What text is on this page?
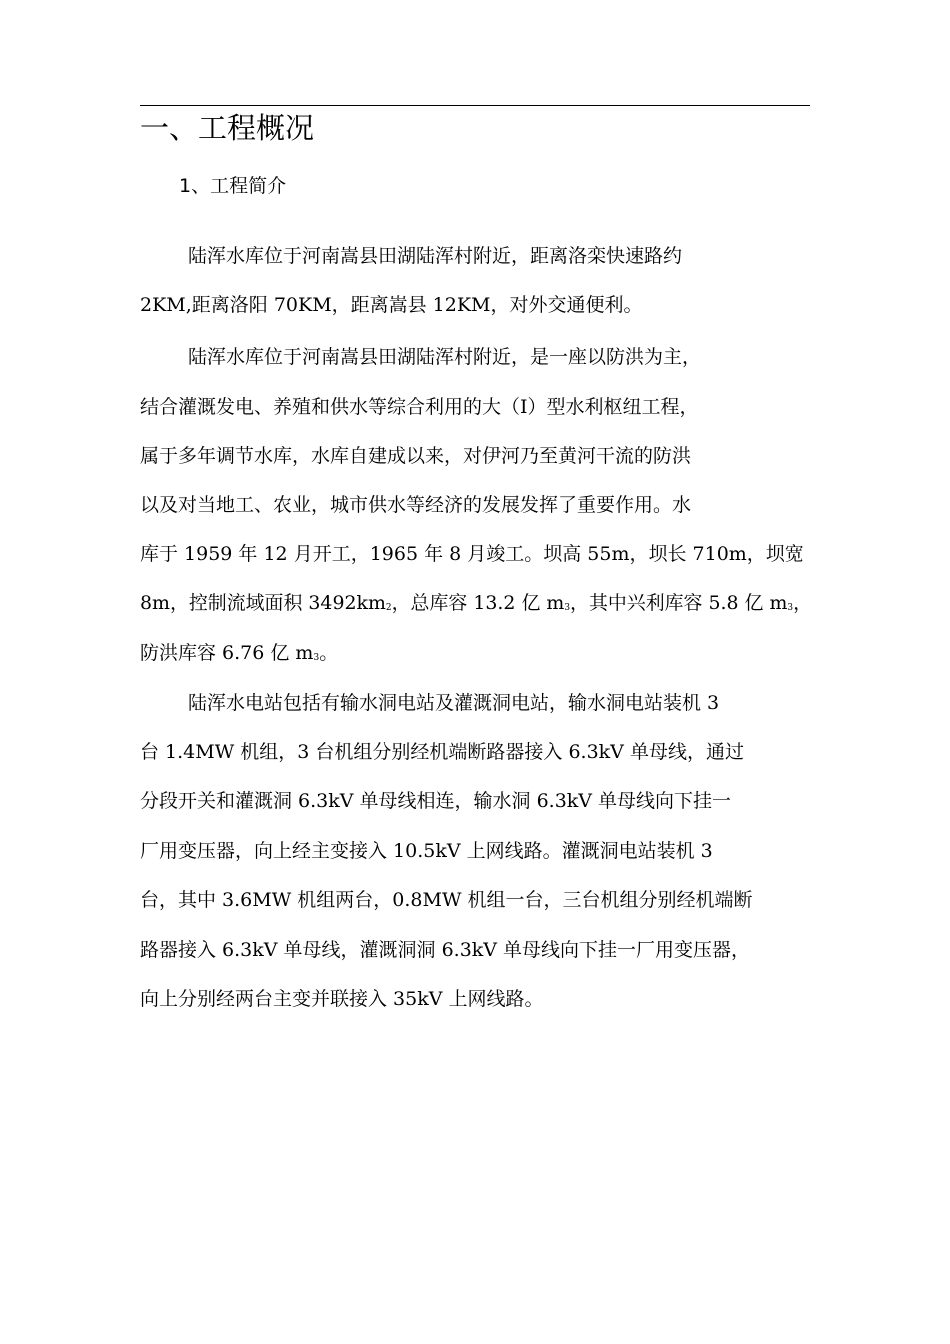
一、工程概况
1、工程简介
陆浑水库位于河南嵩县田湖陆浑村附近，距离洛栾快速路约
2KM,距离洛阳 70KM，距离嵩县 12KM，对外交通便利。
陆浑水库位于河南嵩县田湖陆浑村附近，是一座以防洪为主，
结合灌溉发电、养殖和供水等综合利用的大（I）型水利枢纽工程，
属于多年调节水库，水库自建成以来，对伊河乃至黄河干流的防洪
以及对当地工、农业，城市供水等经济的发展发挥了重要作用。水
库于 1959 年 12 月开工，1965 年 8 月竣工。坝高 55m，坝长 710m，坝宽
8m，控制流域面积 $3492km_2$，总库容 13.2 亿 $m_3$，其中兴利库容 5.8 亿 $m_3$，
防洪库容 6.76 亿 $m_3$。
陆浑水电站包括有输水洞电站及灌溉洞电站，输水洞电站装机 3
台 1.4MW 机组，3 台机组分别经机端断路器接入 6.3kV 单母线，通过
分段开关和灌溉洞 6.3kV 单母线相连，输水洞 6.3kV 单母线向下挂一
厂用变压器，向上经主变接入 10.5kV 上网线路。灌溉洞电站装机 3
台，其中 3.6MW 机组两台，0.8MW 机组一台，三台机组分别经机端断
路器接入 6.3kV 单母线，灌溉洞洞 6.3kV 单母线向下挂一厂用变压器，
向上分别经两台主变并联接入 35kV 上网线路。
